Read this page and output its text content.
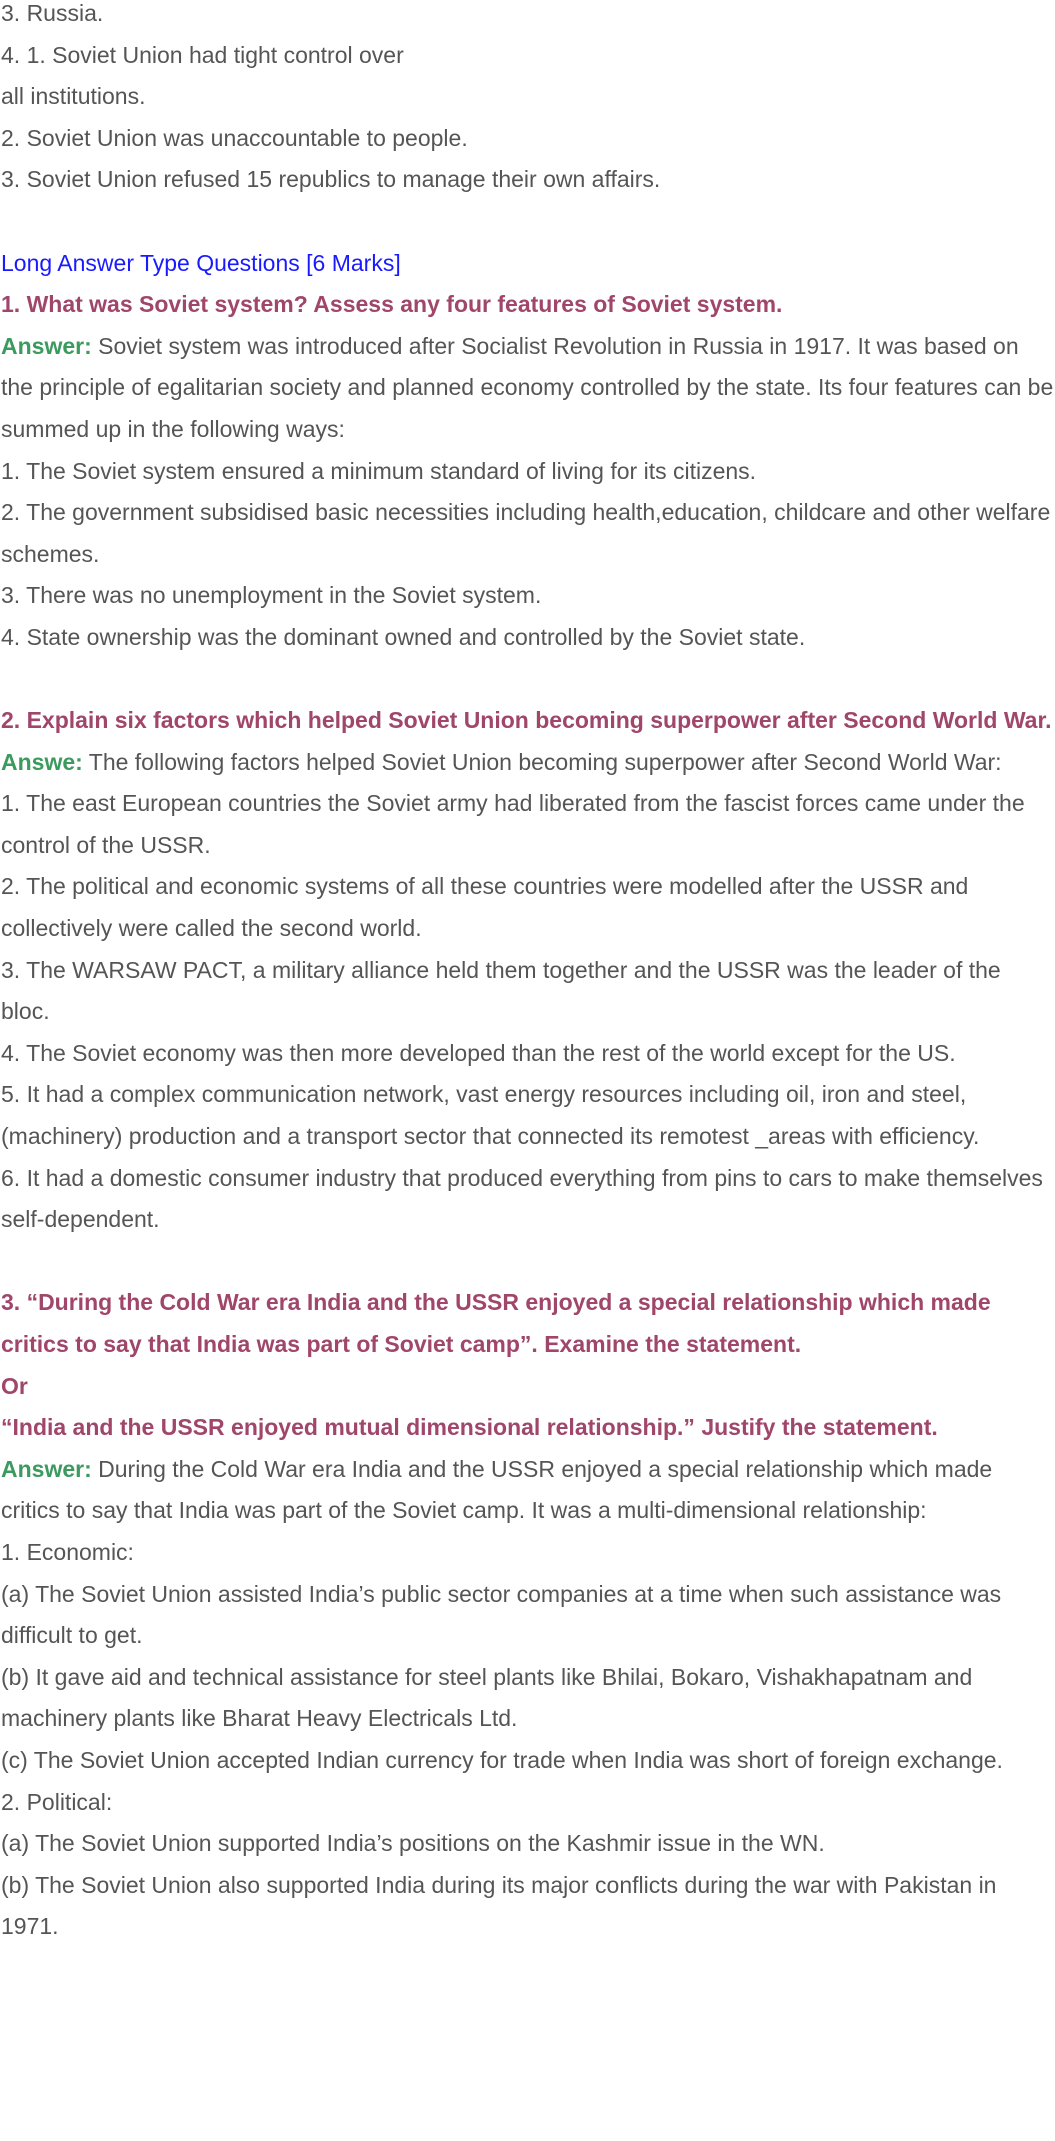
3. Russia.

4. 1. Soviet Union had tight control over

all institutions.

2. Soviet Union was unaccountable to people.

3. Soviet Union refused 15 republics to manage their own affairs.

Long Answer Type Questions [6 Marks]

1. What was Soviet system? Assess any four features of Soviet system.

Answer: Soviet system was introduced after Socialist Revolution in Russia in 1917. It was based on the principle of egalitarian society and planned economy controlled by the state. Its four features can be summed up in the following ways:

1. The Soviet system ensured a minimum standard of living for its citizens.

2. The government subsidised basic necessities including health,education, childcare and other welfare schemes.

3. There was no unemployment in the Soviet system.

4. State ownership was the dominant owned and controlled by the Soviet state.

2. Explain six factors which helped Soviet Union becoming superpower after Second World War.

Answe: The following factors helped Soviet Union becoming superpower after Second World War:

1. The east European countries the Soviet army had liberated from the fascist forces came under the control of the USSR.

2. The political and economic systems of all these countries were modelled after the USSR and collectively were called the second world.

3. The WARSAW PACT, a military alliance held them together and the USSR was the leader of the bloc.

4. The Soviet economy was then more developed than the rest of the world except for the US.

5. It had a complex communication network, vast energy resources including oil, iron and steel, (machinery) production and a transport sector that connected its remotest _areas with efficiency.

6. It had a domestic consumer industry that produced everything from pins to cars to make themselves self-dependent.

3. “During the Cold War era India and the USSR enjoyed a special relationship which made critics to say that India was part of Soviet camp”. Examine the statement.

Or

“India and the USSR enjoyed mutual dimensional relationship.” Justify the statement.

Answer: During the Cold War era India and the USSR enjoyed a special relationship which made critics to say that India was part of the Soviet camp. It was a multi-dimensional relationship:

1. Economic:

(a) The Soviet Union assisted India’s public sector companies at a time when such assistance was difficult to get.

(b) It gave aid and technical assistance for steel plants like Bhilai, Bokaro, Vishakhapatnam and machinery plants like Bharat Heavy Electricals Ltd.

(c) The Soviet Union accepted Indian currency for trade when India was short of foreign exchange.

2. Political:

(a) The Soviet Union supported India’s positions on the Kashmir issue in the WN.

(b) The Soviet Union also supported India during its major conflicts during the war with Pakistan in 1971.
